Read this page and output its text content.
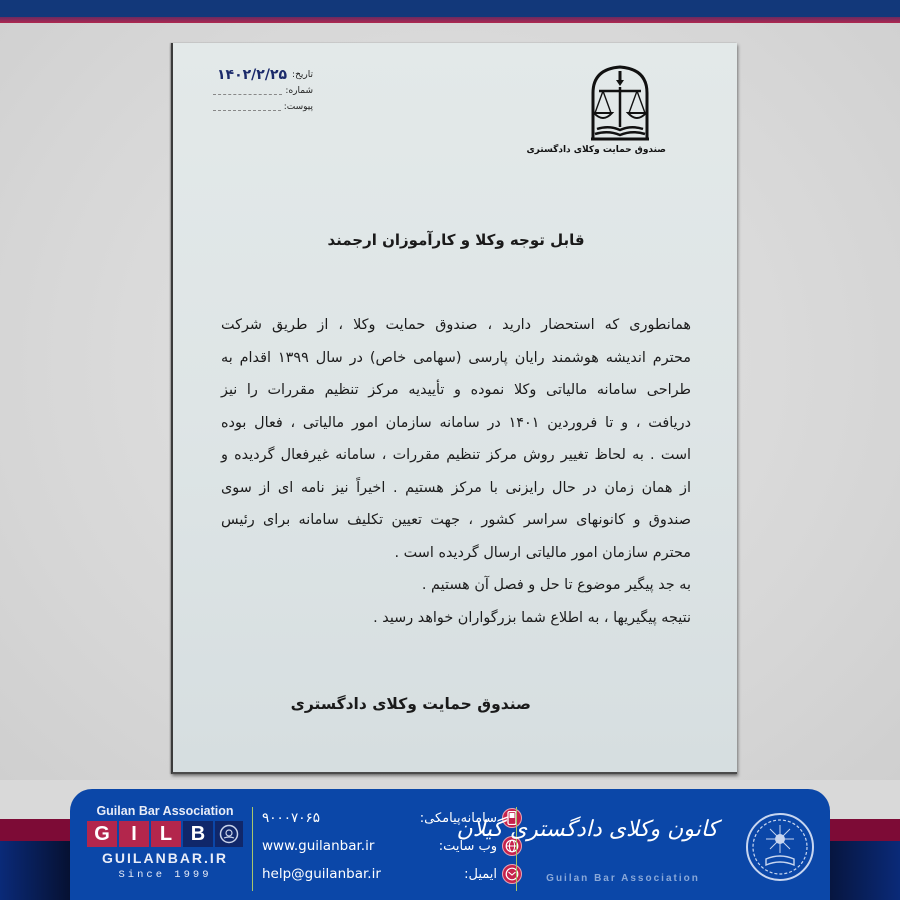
تاریخ:
۱۴۰۲/۲/۲۵
شماره:
پیوست:
صندوق حمایت وکلای دادگستری
قابل توجه وکلا و کارآموزان ارجمند

همانطوری که استحضار دارید ، صندوق حمایت وکلا ، از طریق شرکت

محترم اندیشه هوشمند رایان پارسی (سهامی خاص) در سال ۱۳۹۹ اقدام به

طراحی سامانه مالیاتی وکلا نموده و تأییدیه مرکز تنظیم مقررات را نیز

دریافت ، و تا فروردین ۱۴۰۱ در سامانه سازمان امور مالیاتی ، فعال بوده

است . به لحاظ تغییر روش مرکز تنظیم مقررات ، سامانه غیرفعال گردیده و

از همان زمان در حال رایزنی با مرکز هستیم . اخیراً نیز نامه ای از سوی

صندوق و کانونهای سراسر کشور ، جهت تعیین تکلیف سامانه برای رئیس

محترم سازمان امور مالیاتی ارسال گردیده است .

به جد پیگیر موضوع تا حل و فصل آن هستیم .

نتیجه پیگیریها ، به اطلاع شما بزرگواران خواهد رسید .

صندوق حمایت وکلای دادگستری
Guilan Bar Association
G	I	L B
GUILANBAR.IR
Since 1999
۹۰۰۰۷۰۶۵	سامانه‌پیامکی:
www.guilanbar.ir	وب سایت:
help@guilanbar.ir	ایمیل:
کانون وکلای دادگستری گیلان
Guilan Bar Association
